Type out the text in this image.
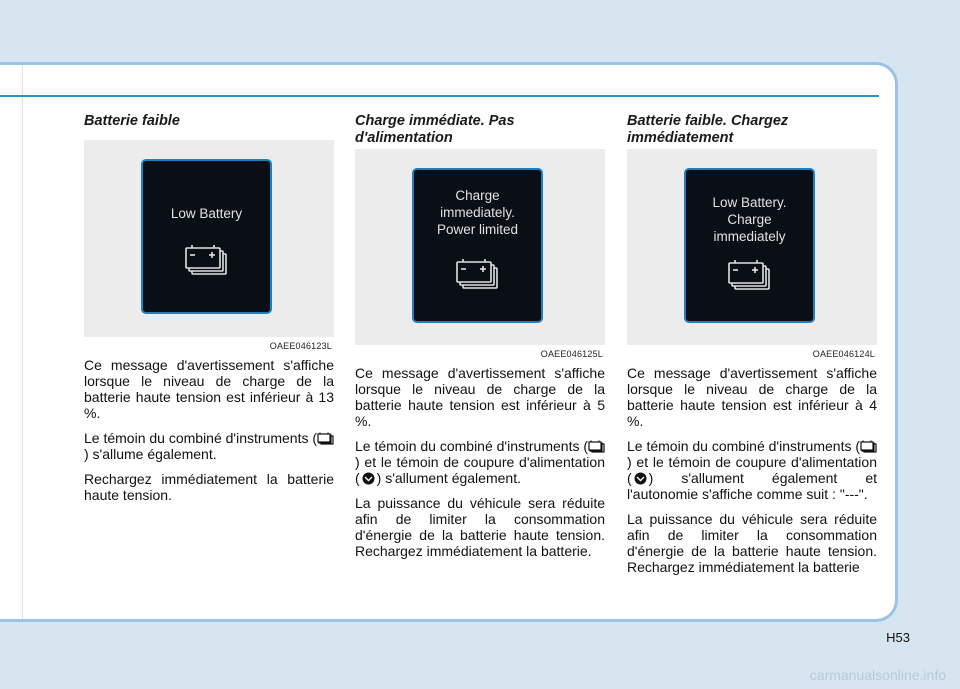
Batterie faible
Low Battery
OAEE046123L

Ce message d'avertissement s'affiche lorsque le niveau de charge de la batterie haute tension est inférieur à 13 %.

Le témoin du combiné d'instruments () s'allume également.

Rechargez immédiatement la batterie haute tension.

Charge immédiate. Pas d'alimentation
Charge immediately. Power limited
OAEE046125L

Ce message d'avertissement s'affiche lorsque le niveau de charge de la batterie haute tension est inférieur à 5 %.

Le témoin du combiné d'instruments () et le témoin de coupure d'alimentation ( ) s'allument également.

La puissance du véhicule sera réduite afin de limiter la consommation d'énergie de la batterie haute tension. Rechargez immédiatement la batterie.

Batterie faible. Chargez immédiatement
Low Battery. Charge immediately
OAEE046124L

Ce message d'avertissement s'affiche lorsque le niveau de charge de la batterie haute tension est inférieur à 4 %.

Le témoin du combiné d'instruments () et le témoin de coupure d'alimentation ( ) s'allument également et l'autonomie s'affiche comme suit : "---".

La puissance du véhicule sera réduite afin de limiter la consommation d'énergie de la batterie haute tension. Rechargez immédiatement la batterie

H53
carmanualsonline.info
